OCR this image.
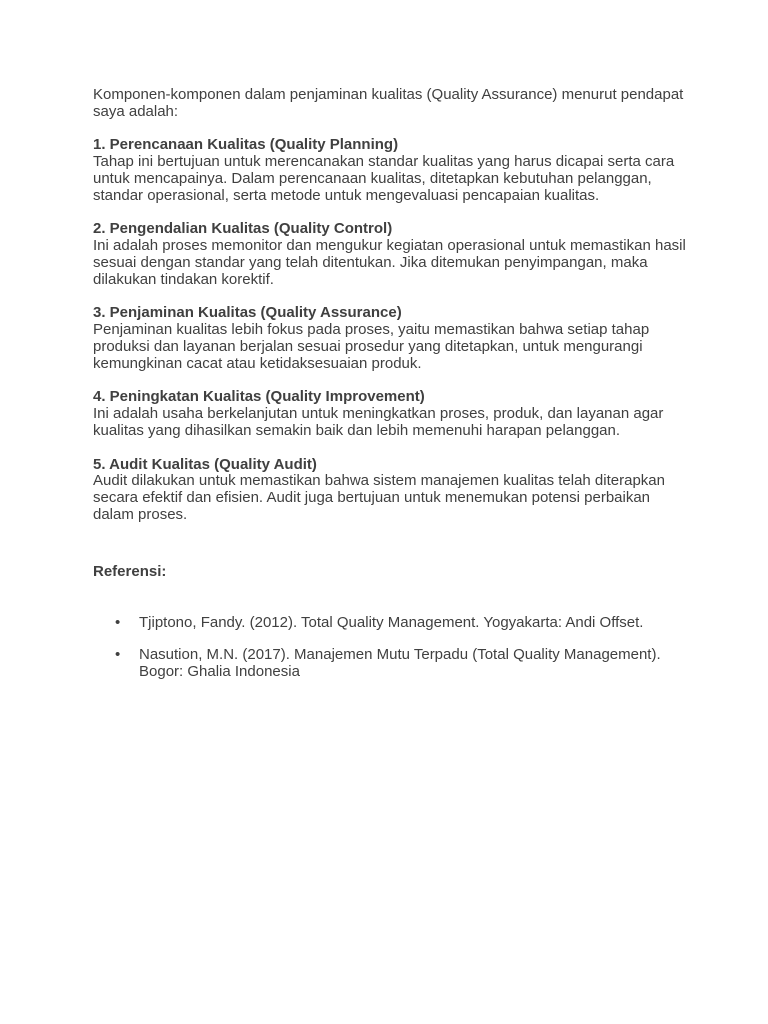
Komponen-komponen dalam penjaminan kualitas (Quality Assurance) menurut pendapat saya adalah:

1. Perencanaan Kualitas (Quality Planning)

Tahap ini bertujuan untuk merencanakan standar kualitas yang harus dicapai serta cara untuk mencapainya. Dalam perencanaan kualitas, ditetapkan kebutuhan pelanggan, standar operasional, serta metode untuk mengevaluasi pencapaian kualitas.

2. Pengendalian Kualitas (Quality Control)

Ini adalah proses memonitor dan mengukur kegiatan operasional untuk memastikan hasil sesuai dengan standar yang telah ditentukan. Jika ditemukan penyimpangan, maka dilakukan tindakan korektif.

3. Penjaminan Kualitas (Quality Assurance)

Penjaminan kualitas lebih fokus pada proses, yaitu memastikan bahwa setiap tahap produksi dan layanan berjalan sesuai prosedur yang ditetapkan, untuk mengurangi kemungkinan cacat atau ketidaksesuaian produk.

4. Peningkatan Kualitas (Quality Improvement)

Ini adalah usaha berkelanjutan untuk meningkatkan proses, produk, dan layanan agar kualitas yang dihasilkan semakin baik dan lebih memenuhi harapan pelanggan.

5. Audit Kualitas (Quality Audit)

Audit dilakukan untuk memastikan bahwa sistem manajemen kualitas telah diterapkan secara efektif dan efisien. Audit juga bertujuan untuk menemukan potensi perbaikan dalam proses.

Referensi:

• Tjiptono, Fandy. (2012). Total Quality Management. Yogyakarta: Andi Offset.
• Nasution, M.N. (2017). Manajemen Mutu Terpadu (Total Quality Management). Bogor: Ghalia Indonesia
